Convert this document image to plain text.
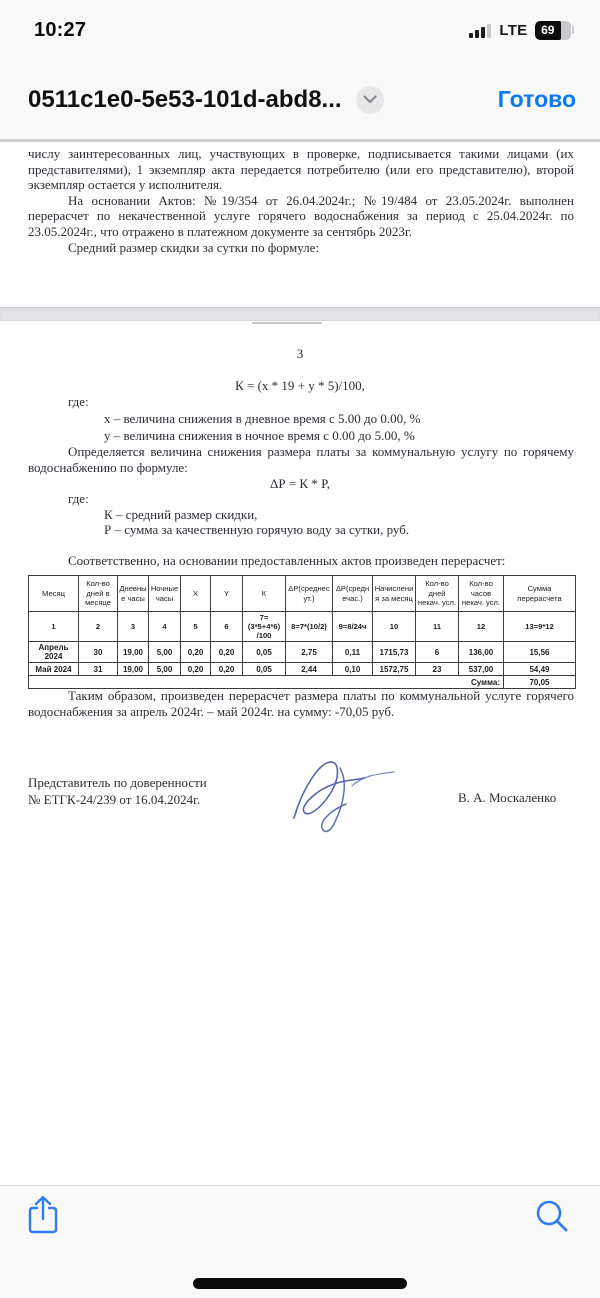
10:27	LTE 69
0511c1e0-5e53-101d-abd8...	Готово

числу заинтересованных лиц, участвующих в проверке, подписывается такими лицами (их представителями), 1 экземпляр акта передается потребителю (или его представителю), второй экземпляр остается у исполнителя.

На основании Актов: №19/354 от 26.04.2024г.; №19/484 от 23.05.2024г. выполнен перерасчет по некачественной услуге горячего водоснабжения за период с 25.04.2024г. по 23.05.2024г., что отражено в платежном документе за сентябрь 2023г.

Средний размер скидки за сутки по формуле:

3
К = (x * 19 + y * 5)/100,
где:
x – величина снижения в дневное время с 5.00 до 0.00, %
у – величина снижения в ночное время с 0.00 до 5.00, %
Определяется величина снижения размера платы за коммунальную услугу по горячему водоснабжению по формуле:
ΔР = К * Р,
где:
К – средний размер скидки,
Р – сумма за качественную горячую воду за сутки, руб.
Соответственно, на основании предоставленных актов произведен перерасчет:
Месяц	Кол-во дней в месяце	Дневные часы	Ночные часы	X	Y	К	ΔР(среднесут.)	ΔР(среднечас.)	Начисления за месяц	Кол-во дней некач. усл.	Кол-во часов некач. усл.	Сумма перерасчета
1	2	3	4	5	6	7=(3*5+4*6) /100	8=7*(10/2)	9=8/24ч	10	11	12	13=9*12
Апрель 2024	30	19,00	5,00	0,20	0,20	0,05	2,75	0,11	1715,73	6	136,00	15,56
Май 2024	31	19,00	5,00	0,20	0,20	0,05	2,44	0,10	1572,75	23	537,00	54,49
Сумма:												70,05
Таким образом, произведен перерасчет размера платы по коммунальной услуге горячего водоснабжения за апрель 2024г. – май 2024г. на сумму: -70,05 руб.
Представитель по доверенности
№ ЕТГК-24/239 от 16.04.2024г.	В. А. Москаленко
